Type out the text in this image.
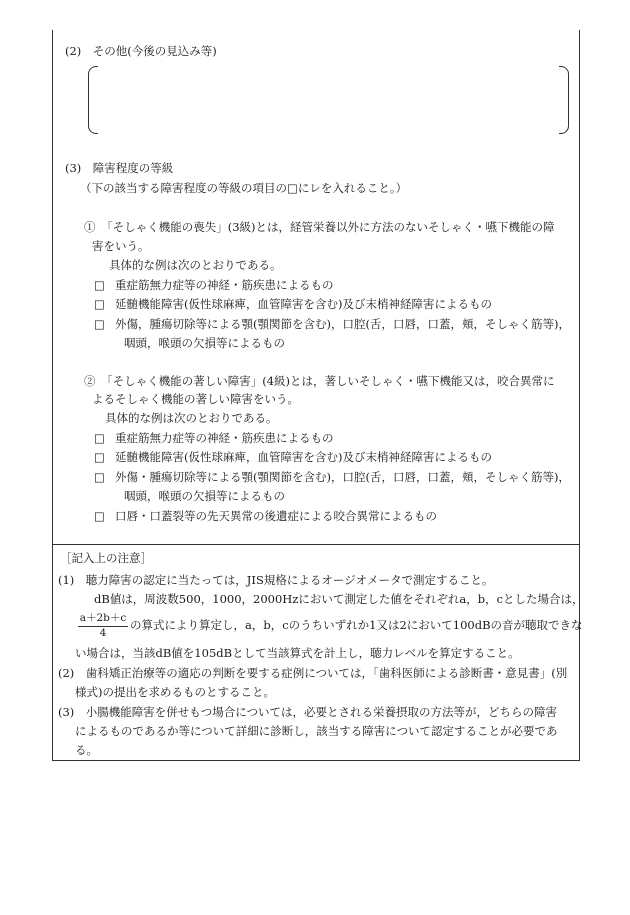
(2)　その他(今後の見込み等)
(3)　障害程度の等級
（下の該当する障害程度の等級の項目の□にレを入れること。）
①　「そしゃく機能の喪失」(3級)とは，経管栄養以外に方法のないそしゃく・嚥下機能の障
害をいう。
具体的な例は次のとおりである。
□ 重症筋無力症等の神経・筋疾患によるもの
□ 延髄機能障害(仮性球麻痺，血管障害を含む)及び末梢神経障害によるもの
□ 外傷，腫瘍切除等による顎(顎関節を含む)，口腔(舌，口唇，口蓋，頬，そしゃく筋等)，
咽頭，喉頭の欠損等によるもの
②　「そしゃく機能の著しい障害」(4級)とは，著しいそしゃく・嚥下機能又は，咬合異常に
よるそしゃく機能の著しい障害をいう。
具体的な例は次のとおりである。
□ 重症筋無力症等の神経・筋疾患によるもの
□ 延髄機能障害(仮性球麻痺，血管障害を含む)及び末梢神経障害によるもの
□ 外傷・腫瘍切除等による顎(顎関節を含む)，口腔(舌，口唇，口蓋，頬，そしゃく筋等)，
咽頭，喉頭の欠損等によるもの
□ 口唇・口蓋裂等の先天異常の後遺症による咬合異常によるもの
［記入上の注意］
(1)　聴力障害の認定に当たっては，JIS規格によるオージオメータで測定すること。
dB値は，周波数500，1000，2000Hzにおいて測定した値をそれぞれa，b，cとした場合は，
$\frac{a+2b+c}{4}$ の算式により算定し，a，b，cのうちいずれか1又は2において100dBの音が聴取できな
い場合は，当該dB値を105dBとして当該算式を計上し，聴力レベルを算定すること。
(2)　歯科矯正治療等の適応の判断を要する症例については，「歯科医師による診断書・意見書」(別
様式)の提出を求めるものとすること。
(3)　小腸機能障害を併せもつ場合については，必要とされる栄養摂取の方法等が，どちらの障害
によるものであるか等について詳細に診断し，該当する障害について認定することが必要であ
る。
